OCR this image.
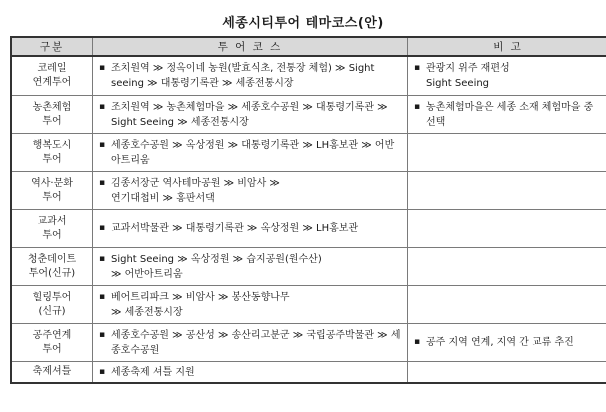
세종시티투어 테마코스(안)
구분	투 어 코 스	비 고
코레일
연계투어	▪ 조치원역 ≫ 정옥이네 농원(발효식초, 전통장 체험) ≫ Sight seeing ≫ 대통령기록관 ≫ 세종전통시장	▪ 관광지 위주 재편성
Sight Seeing

농촌체험
투어	▪ 조치원역 ≫ 농촌체험마을 ≫ 세종호수공원 ≫ 대통령기록관 ≫ Sight Seeing ≫ 세종전통시장	▪ 농촌체험마을은 세종 소재 체험마을 중 선택

행복도시
투어	▪ 세종호수공원 ≫ 옥상정원 ≫ 대통령기록관 ≫ LH홍보관 ≫ 어반아트리움	

역사·문화
투어	▪ 김종서장군 역사테마공원 ≫ 비암사 ≫
연기대첩비 ≫ 홍판서댁	

교과서
투어	▪ 교과서박물관 ≫ 대통령기록관 ≫ 옥상정원 ≫ LH홍보관	

청춘데이트
투어(신규)	▪ Sight Seeing ≫ 옥상정원 ≫ 습지공원(원수산)
≫ 어반아트리움	

힐링투어
(신규)	▪ 베어트리파크 ≫ 비암사 ≫ 봉산동향나무
≫ 세종전통시장	

공주연계
투어	▪ 세종호수공원 ≫ 공산성 ≫ 송산리고분군 ≫ 국립공주박물관 ≫ 세종호수공원	▪ 공주 지역 연계, 지역 간 교류 추진

축제셔틀	▪ 세종축제 셔틀 지원	
